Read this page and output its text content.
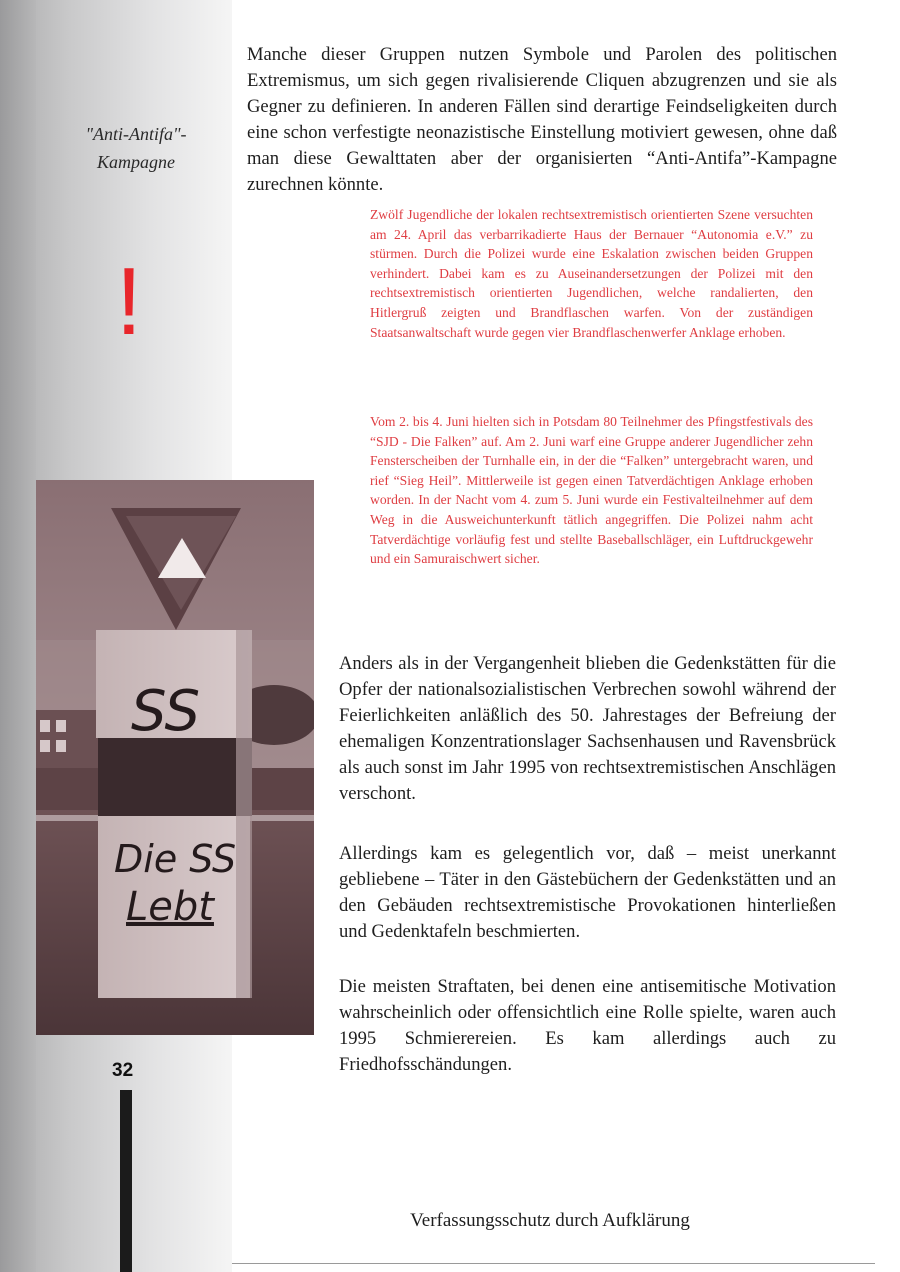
"Anti-Antifa"-
Kampagne
!
SS
Die SS
Lebt
32

Manche dieser Gruppen nutzen Symbole und Parolen des politischen Extremismus, um sich gegen rivalisierende Cliquen abzugrenzen und sie als Gegner zu definieren. In anderen Fällen sind derartige Feindseligkeiten durch eine schon verfestigte neonazistische Einstellung motiviert gewesen, ohne daß man diese Gewalttaten aber der organisierten “Anti-Antifa”-Kampagne zurechnen könnte.

Zwölf Jugendliche der lokalen rechtsextremistisch orientierten Szene versuchten am 24. April das verbarrikadierte Haus der Bernauer “Autonomia e.V.” zu stürmen. Durch die Polizei wurde eine Eskalation zwischen beiden Gruppen verhindert. Dabei kam es zu Auseinandersetzungen der Polizei mit den rechtsextremistisch orientierten Jugendlichen, welche randalierten, den Hitlergruß zeigten und Brandflaschen warfen. Von der zuständigen Staatsanwaltschaft wurde gegen vier Brandflaschenwerfer Anklage erhoben.

Vom 2. bis 4. Juni hielten sich in Potsdam 80 Teilnehmer des Pfingstfestivals des “SJD - Die Falken” auf. Am 2. Juni warf eine Gruppe anderer Jugendlicher zehn Fensterscheiben der Turnhalle ein, in der die “Falken” untergebracht waren, und rief “Sieg Heil”. Mittlerweile ist gegen einen Tatverdächtigen Anklage erhoben worden. In der Nacht vom 4. zum 5. Juni wurde ein Festivalteilnehmer auf dem Weg in die Ausweichunterkunft tätlich angegriffen. Die Polizei nahm acht Tatverdächtige vorläufig fest und stellte Baseballschläger, ein Luftdruckgewehr und ein Samuraischwert sicher.

Anders als in der Vergangenheit blieben die Gedenkstätten für die Opfer der nationalsozialistischen Verbrechen sowohl während der Feierlichkeiten anläßlich des 50. Jahrestages der Befreiung der ehemaligen Konzentrationslager Sachsenhausen und Ravensbrück als auch sonst im Jahr 1995 von rechtsextremistischen Anschlägen verschont.

Allerdings kam es gelegentlich vor, daß – meist unerkannt gebliebene – Täter in den Gästebüchern der Gedenkstätten und an den Gebäuden rechtsextremistische Provokationen hinterließen und Gedenktafeln beschmierten.

Die meisten Straftaten, bei denen eine antisemitische Motivation wahrscheinlich oder offensichtlich eine Rolle spielte, waren auch 1995 Schmierereien. Es kam allerdings auch zu Friedhofsschändungen.

Verfassungsschutz durch Aufklärung
